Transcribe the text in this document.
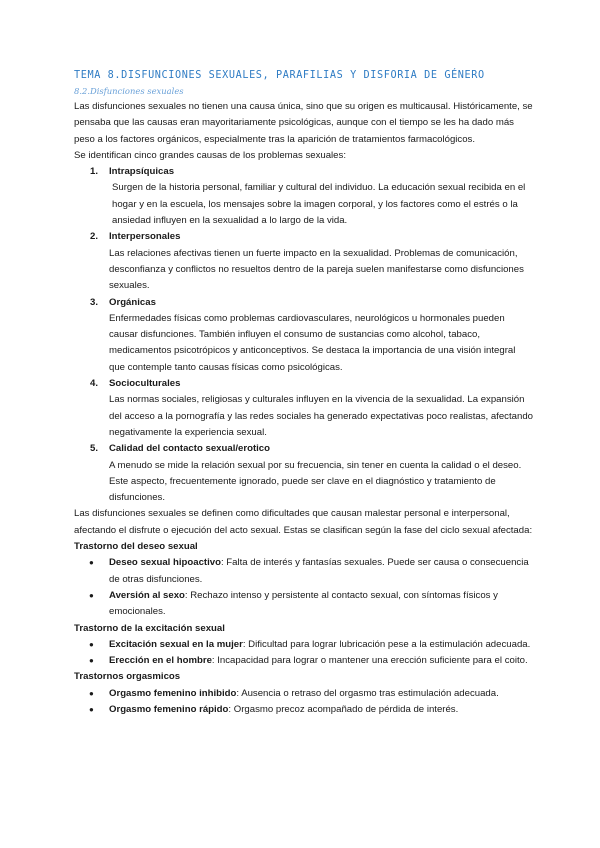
TEMA 8.DISFUNCIONES SEXUALES, PARAFILIAS Y DISFORIA DE GÉNERO
8.2.Disfunciones sexuales

Las disfunciones sexuales no tienen una causa única, sino que su origen es multicausal. Históricamente, se pensaba que las causas eran mayoritariamente psicológicas, aunque con el tiempo se les ha dado más peso a los factores orgánicos, especialmente tras la aparición de tratamientos farmacológicos.

Se identifican cinco grandes causas de los problemas sexuales:

1. Intrapsíquicas
Surgen de la historia personal, familiar y cultural del individuo. La educación sexual recibida en el hogar y en la escuela, los mensajes sobre la imagen corporal, y los factores como el estrés o la ansiedad influyen en la sexualidad a lo largo de la vida.
2. Interpersonales
Las relaciones afectivas tienen un fuerte impacto en la sexualidad. Problemas de comunicación, desconfianza y conflictos no resueltos dentro de la pareja suelen manifestarse como disfunciones sexuales.
3. Orgánicas
Enfermedades físicas como problemas cardiovasculares, neurológicos u hormonales pueden causar disfunciones. También influyen el consumo de sustancias como alcohol, tabaco, medicamentos psicotrópicos y anticonceptivos. Se destaca la importancia de una visión integral que contemple tanto causas físicas como psicológicas.
4. Socioculturales
Las normas sociales, religiosas y culturales influyen en la vivencia de la sexualidad. La expansión del acceso a la pornografía y las redes sociales ha generado expectativas poco realistas, afectando negativamente la experiencia sexual.
5. Calidad del contacto sexual/erotico
A menudo se mide la relación sexual por su frecuencia, sin tener en cuenta la calidad o el deseo. Este aspecto, frecuentemente ignorado, puede ser clave en el diagnóstico y tratamiento de disfunciones.

Las disfunciones sexuales se definen como dificultades que causan malestar personal e interpersonal, afectando el disfrute o ejecución del acto sexual. Estas se clasifican según la fase del ciclo sexual afectada:

Trastorno del deseo sexual
● Deseo sexual hipoactivo: Falta de interés y fantasías sexuales. Puede ser causa o consecuencia de otras disfunciones.
● Aversión al sexo: Rechazo intenso y persistente al contacto sexual, con síntomas físicos y emocionales.
Trastorno de la excitación sexual
● Excitación sexual en la mujer: Dificultad para lograr lubricación pese a la estimulación adecuada.
● Erección en el hombre: Incapacidad para lograr o mantener una erección suficiente para el coito.
Trastornos orgasmicos
● Orgasmo femenino inhibido: Ausencia o retraso del orgasmo tras estimulación adecuada.
● Orgasmo femenino rápido: Orgasmo precoz acompañado de pérdida de interés.
